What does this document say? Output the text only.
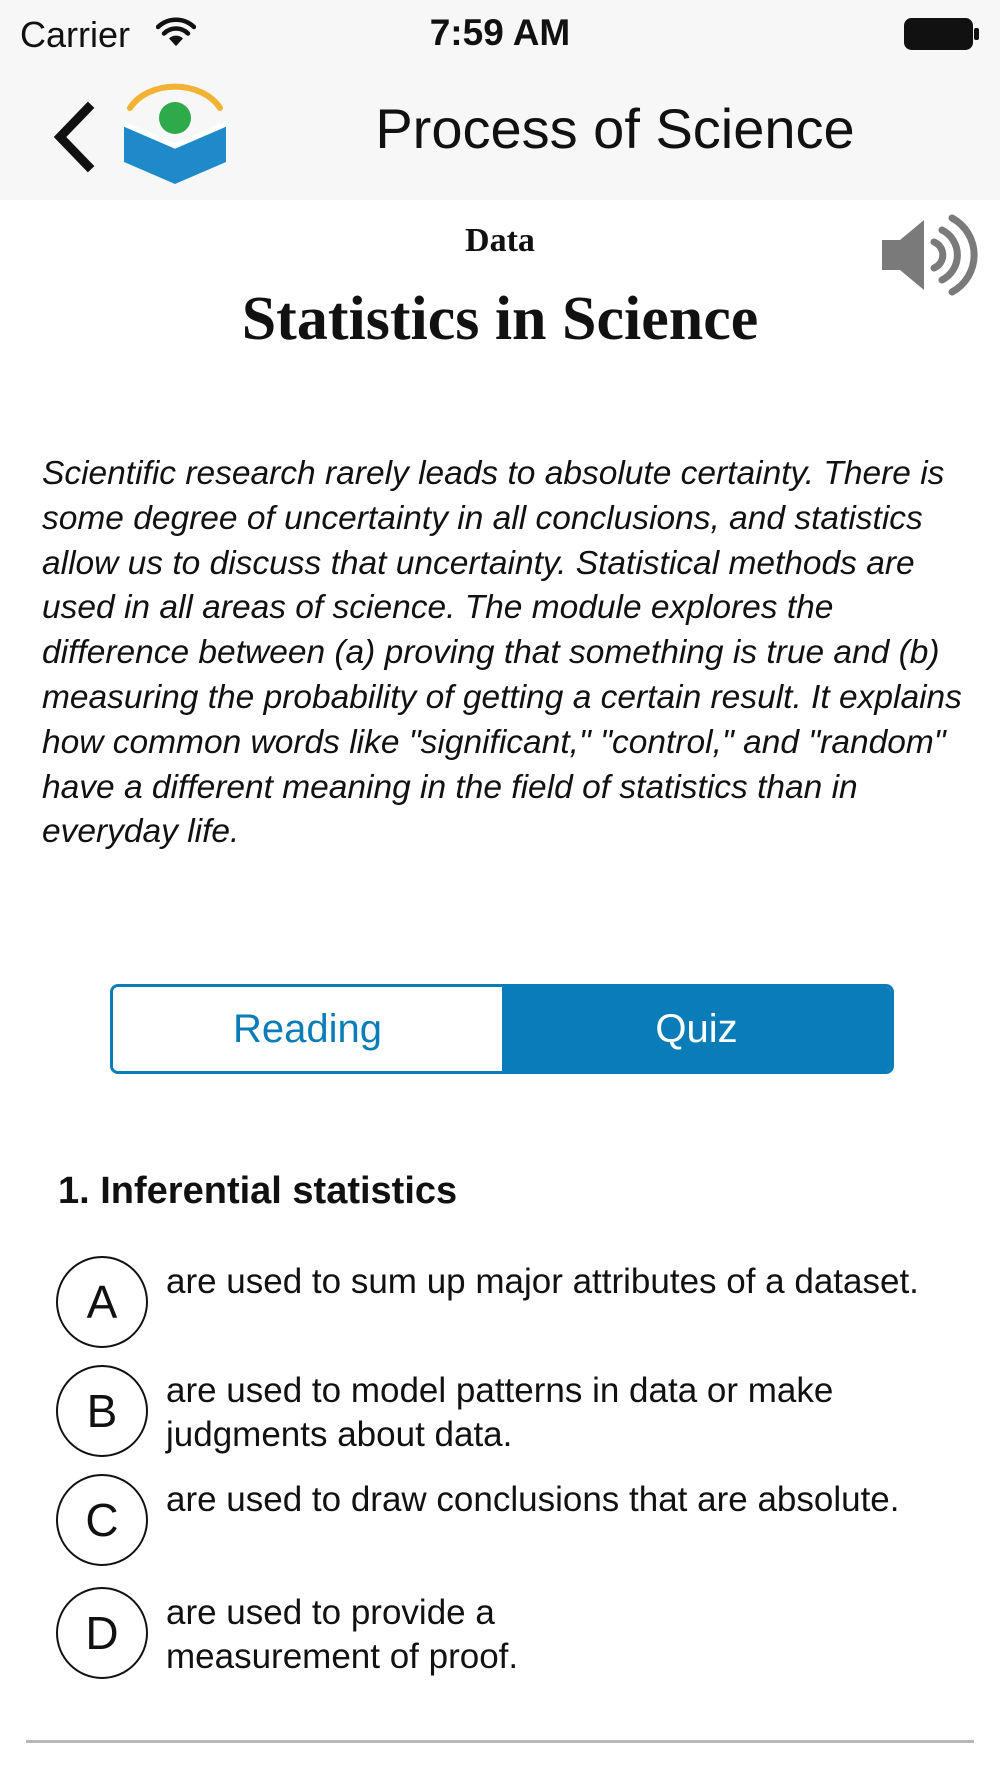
Carrier	7:59 AM
Process of Science
Data
Statistics in Science

Scientific research rarely leads to absolute certainty. There is some degree of uncertainty in all conclusions, and statistics allow us to discuss that uncertainty. Statistical methods are used in all areas of science. The module explores the difference between (a) proving that something is true and (b) measuring the probability of getting a certain result. It explains how common words like "significant," "control," and "random" have a different meaning in the field of statistics than in everyday life.

Reading	Quiz
1. Inferential statistics
A	are used to sum up major attributes of a dataset.
B	are used to model patterns in data or make judgments about data.
C	are used to draw conclusions that are absolute.
D	are used to provide a measurement of proof.
